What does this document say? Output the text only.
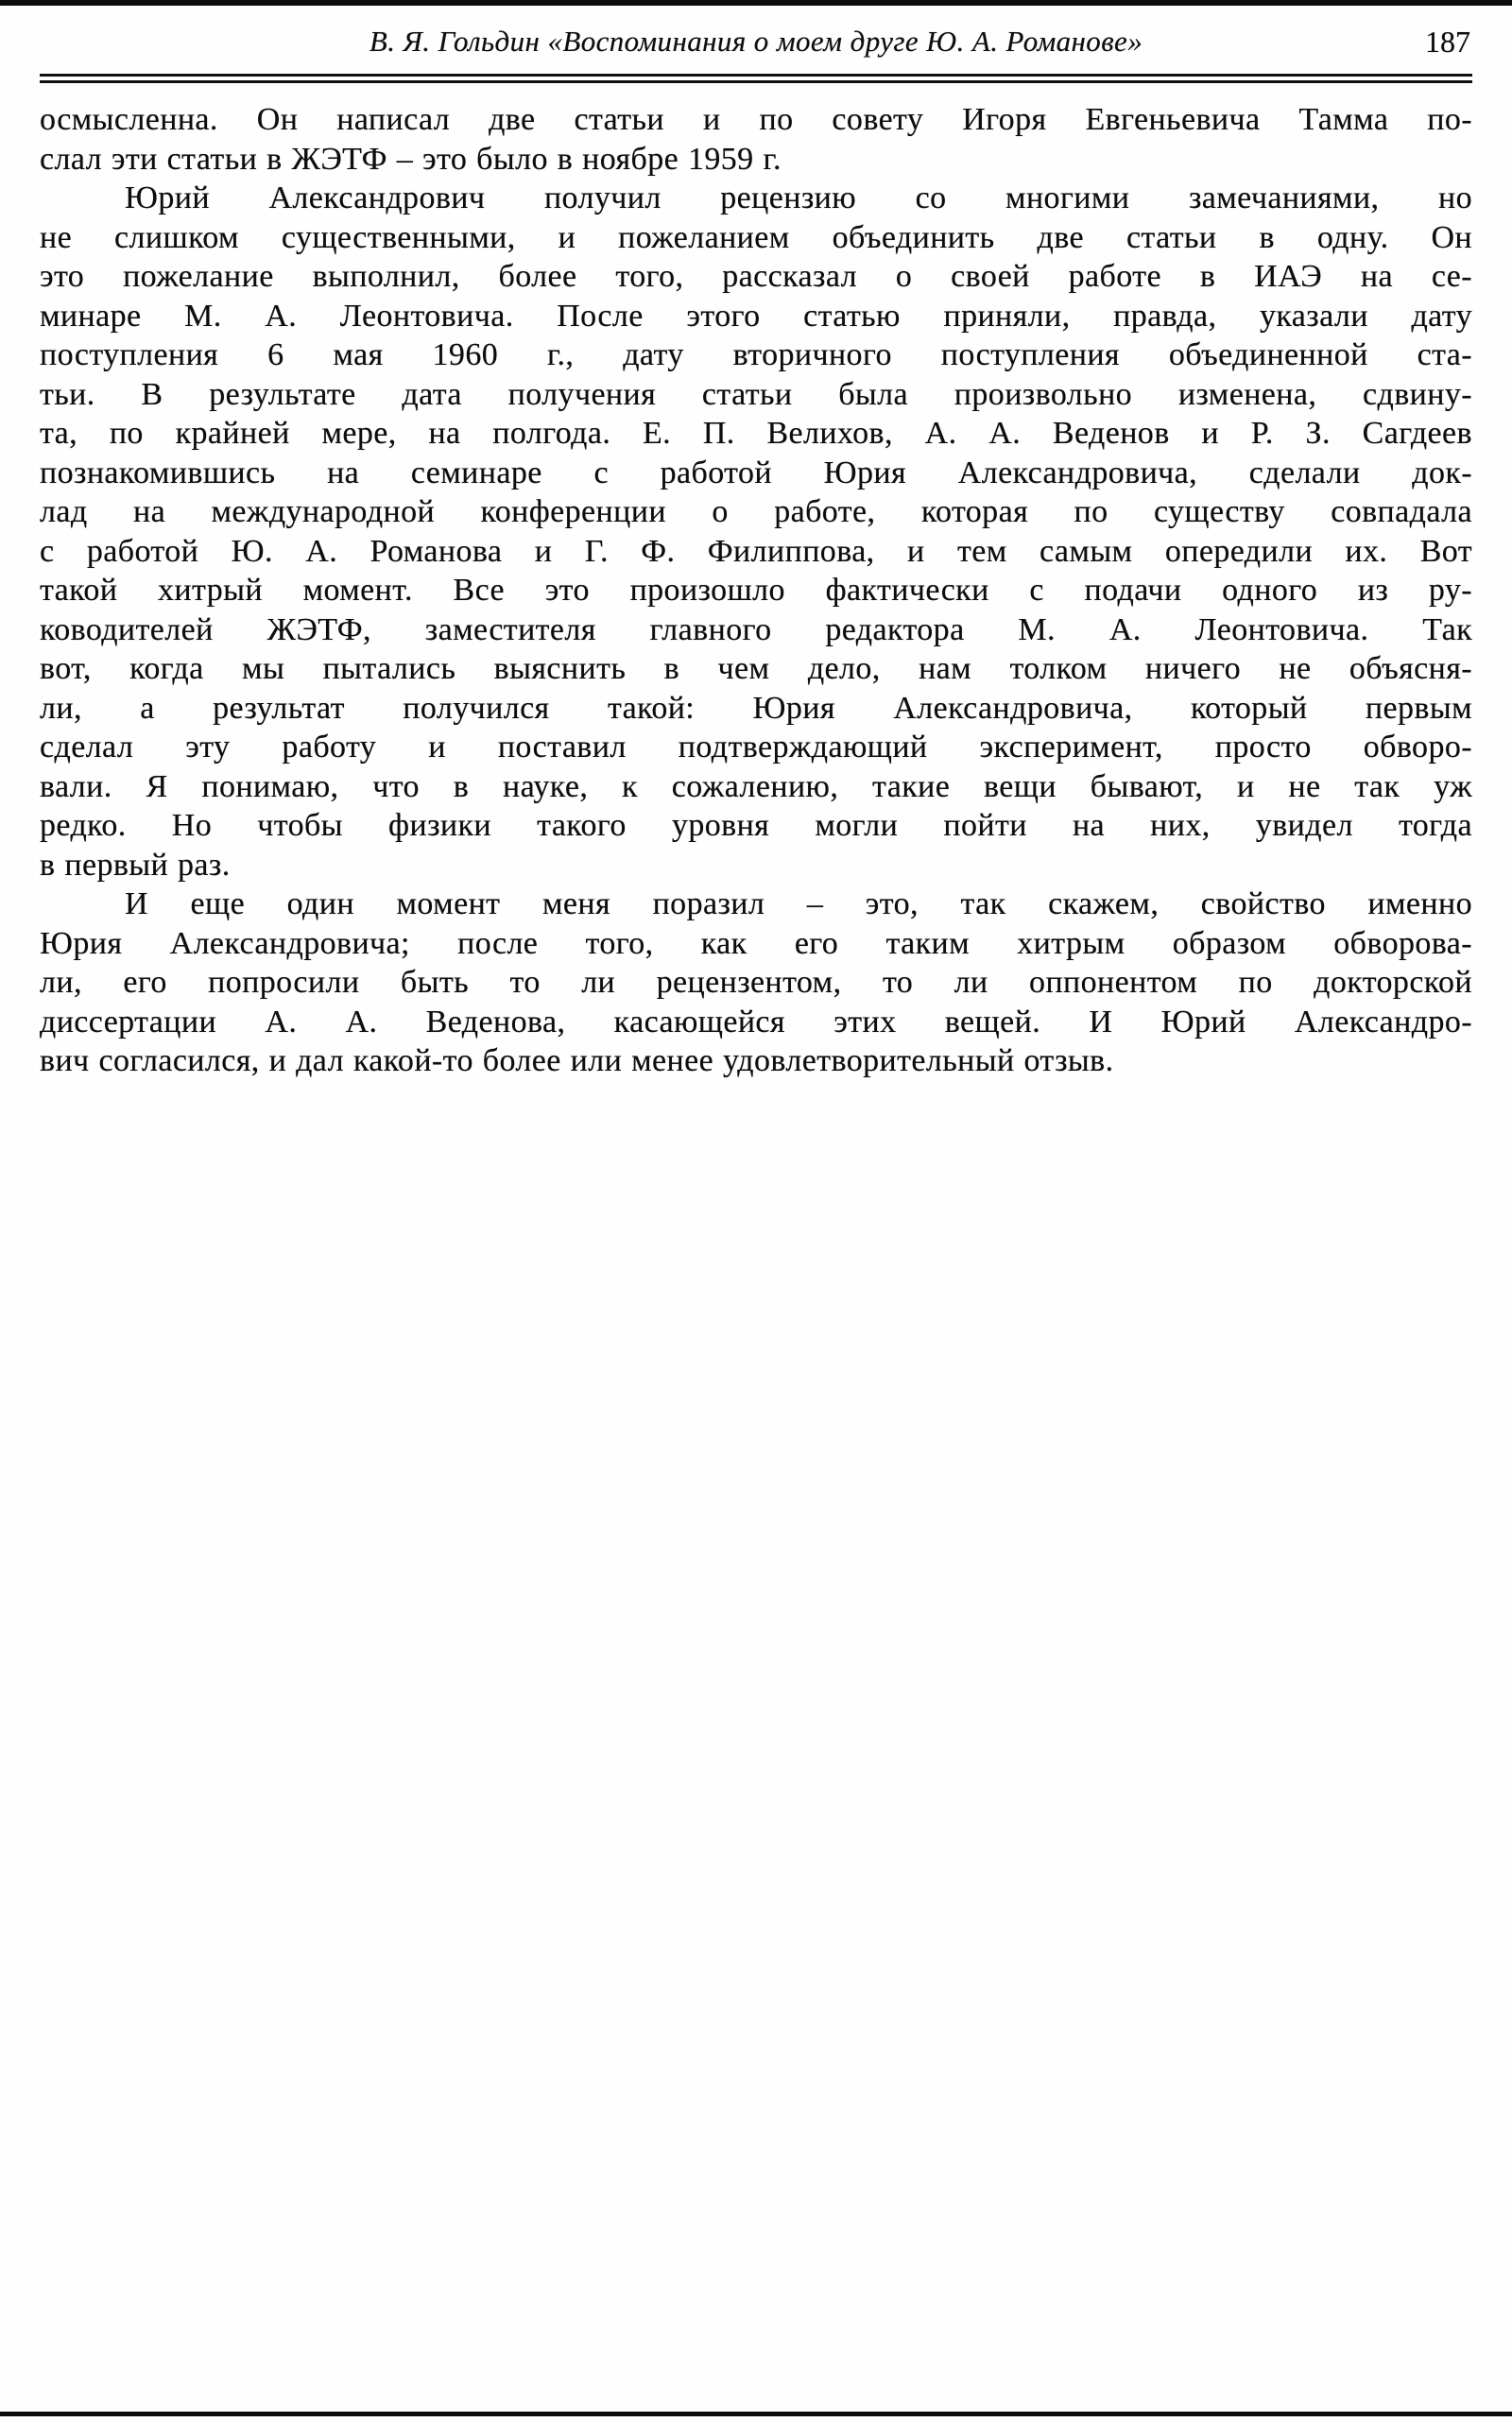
В. Я. Гольдин «Воспоминания о моем друге Ю. А. Романове»	187
осмысленна. Он написал две статьи и по совету Игоря Евгеньевича Тамма по-
слал эти статьи в ЖЭТФ – это было в ноябре 1959 г.
Юрий Александрович получил рецензию со многими замечаниями, но
не слишком существенными, и пожеланием объединить две статьи в одну. Он
это пожелание выполнил, более того, рассказал о своей работе в ИАЭ на се-
минаре М. А. Леонтовича. После этого статью приняли, правда, указали дату
поступления 6 мая 1960 г., дату вторичного поступления объединенной ста-
тьи. В результате дата получения статьи была произвольно изменена, сдвину-
та, по крайней мере, на полгода. Е. П. Велихов, А. А. Веденов и Р. З. Сагдеев
познакомившись на семинаре с работой Юрия Александровича, сделали док-
лад на международной конференции о работе, которая по существу совпадала
с работой Ю. А. Романова и Г. Ф. Филиппова, и тем самым опередили их. Вот
такой хитрый момент. Все это произошло фактически с подачи одного из ру-
ководителей ЖЭТФ, заместителя главного редактора М. А. Леонтовича. Так
вот, когда мы пытались выяснить в чем дело, нам толком ничего не объясня-
ли, а результат получился такой: Юрия Александровича, который первым
сделал эту работу и поставил подтверждающий эксперимент, просто обворо-
вали. Я понимаю, что в науке, к сожалению, такие вещи бывают, и не так уж
редко. Но чтобы физики такого уровня могли пойти на них, увидел тогда
в первый раз.
И еще один момент меня поразил – это, так скажем, свойство именно
Юрия Александровича; после того, как его таким хитрым образом обворова-
ли, его попросили быть то ли рецензентом, то ли оппонентом по докторской
диссертации А. А. Веденова, касающейся этих вещей. И Юрий Александро-
вич согласился, и дал какой-то более или менее удовлетворительный отзыв.
